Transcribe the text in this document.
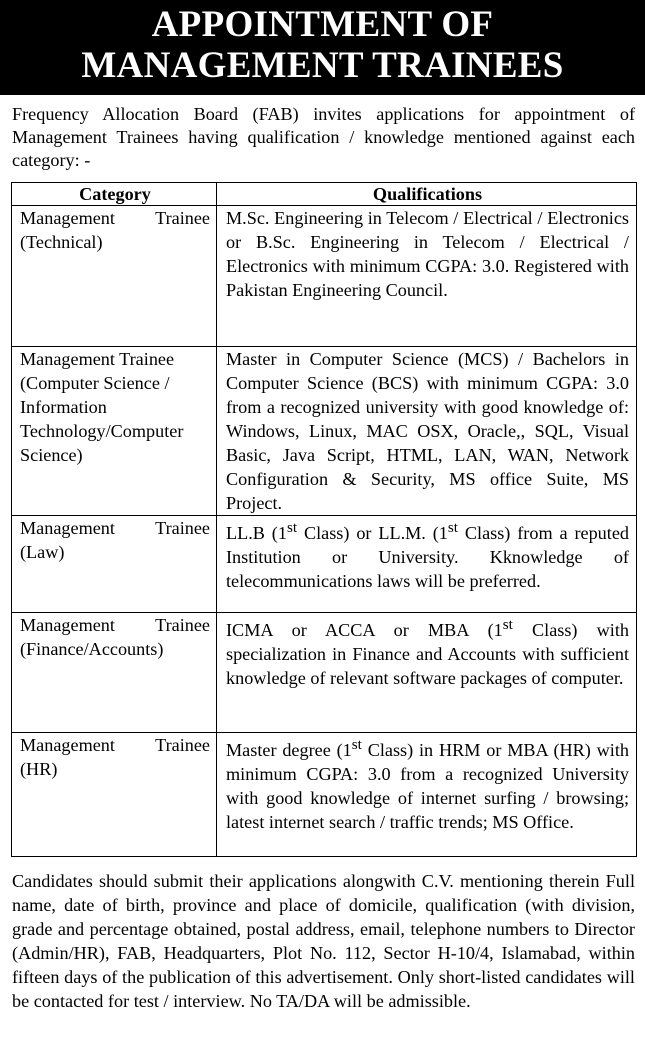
APPOINTMENT OF
MANAGEMENT TRAINEES

Frequency Allocation Board (FAB) invites applications for appointment of Management Trainees having qualification / knowledge mentioned against each category: -

Category	Qualifications
Management Trainee (Technical)	M.Sc. Engineering in Telecom / Electrical / Electronics or B.Sc. Engineering in Telecom / Electrical / Electronics with minimum CGPA: 3.0. Registered with Pakistan Engineering Council.
Management Trainee (Computer Science / Information Technology/Computer Science)	Master in Computer Science (MCS) / Bachelors in Computer Science (BCS) with minimum CGPA: 3.0 from a recognized university with good knowledge of: Windows, Linux, MAC OSX, Oracle,, SQL, Visual Basic, Java Script, HTML, LAN, WAN, Network Configuration & Security, MS office Suite, MS Project.
Management Trainee (Law)	LL.B (1st Class) or LL.M. (1st Class) from a reputed Institution or University. Kknowledge of telecommunications laws will be preferred.
Management Trainee (Finance/Accounts)	ICMA or ACCA or MBA (1st Class) with specialization in Finance and Accounts with sufficient knowledge of relevant software packages of computer.
Management Trainee (HR)	Master degree (1st Class) in HRM or MBA (HR) with minimum CGPA: 3.0 from a recognized University with good knowledge of internet surfing / browsing; latest internet search / traffic trends; MS Office.

Candidates should submit their applications alongwith C.V. mentioning therein Full name, date of birth, province and place of domicile, qualification (with division, grade and percentage obtained, postal address, email, telephone numbers to Director (Admin/HR), FAB, Headquarters, Plot No. 112, Sector H-10/4, Islamabad, within fifteen days of the publication of this advertisement. Only short-listed candidates will be contacted for test / interview. No TA/DA will be admissible.
